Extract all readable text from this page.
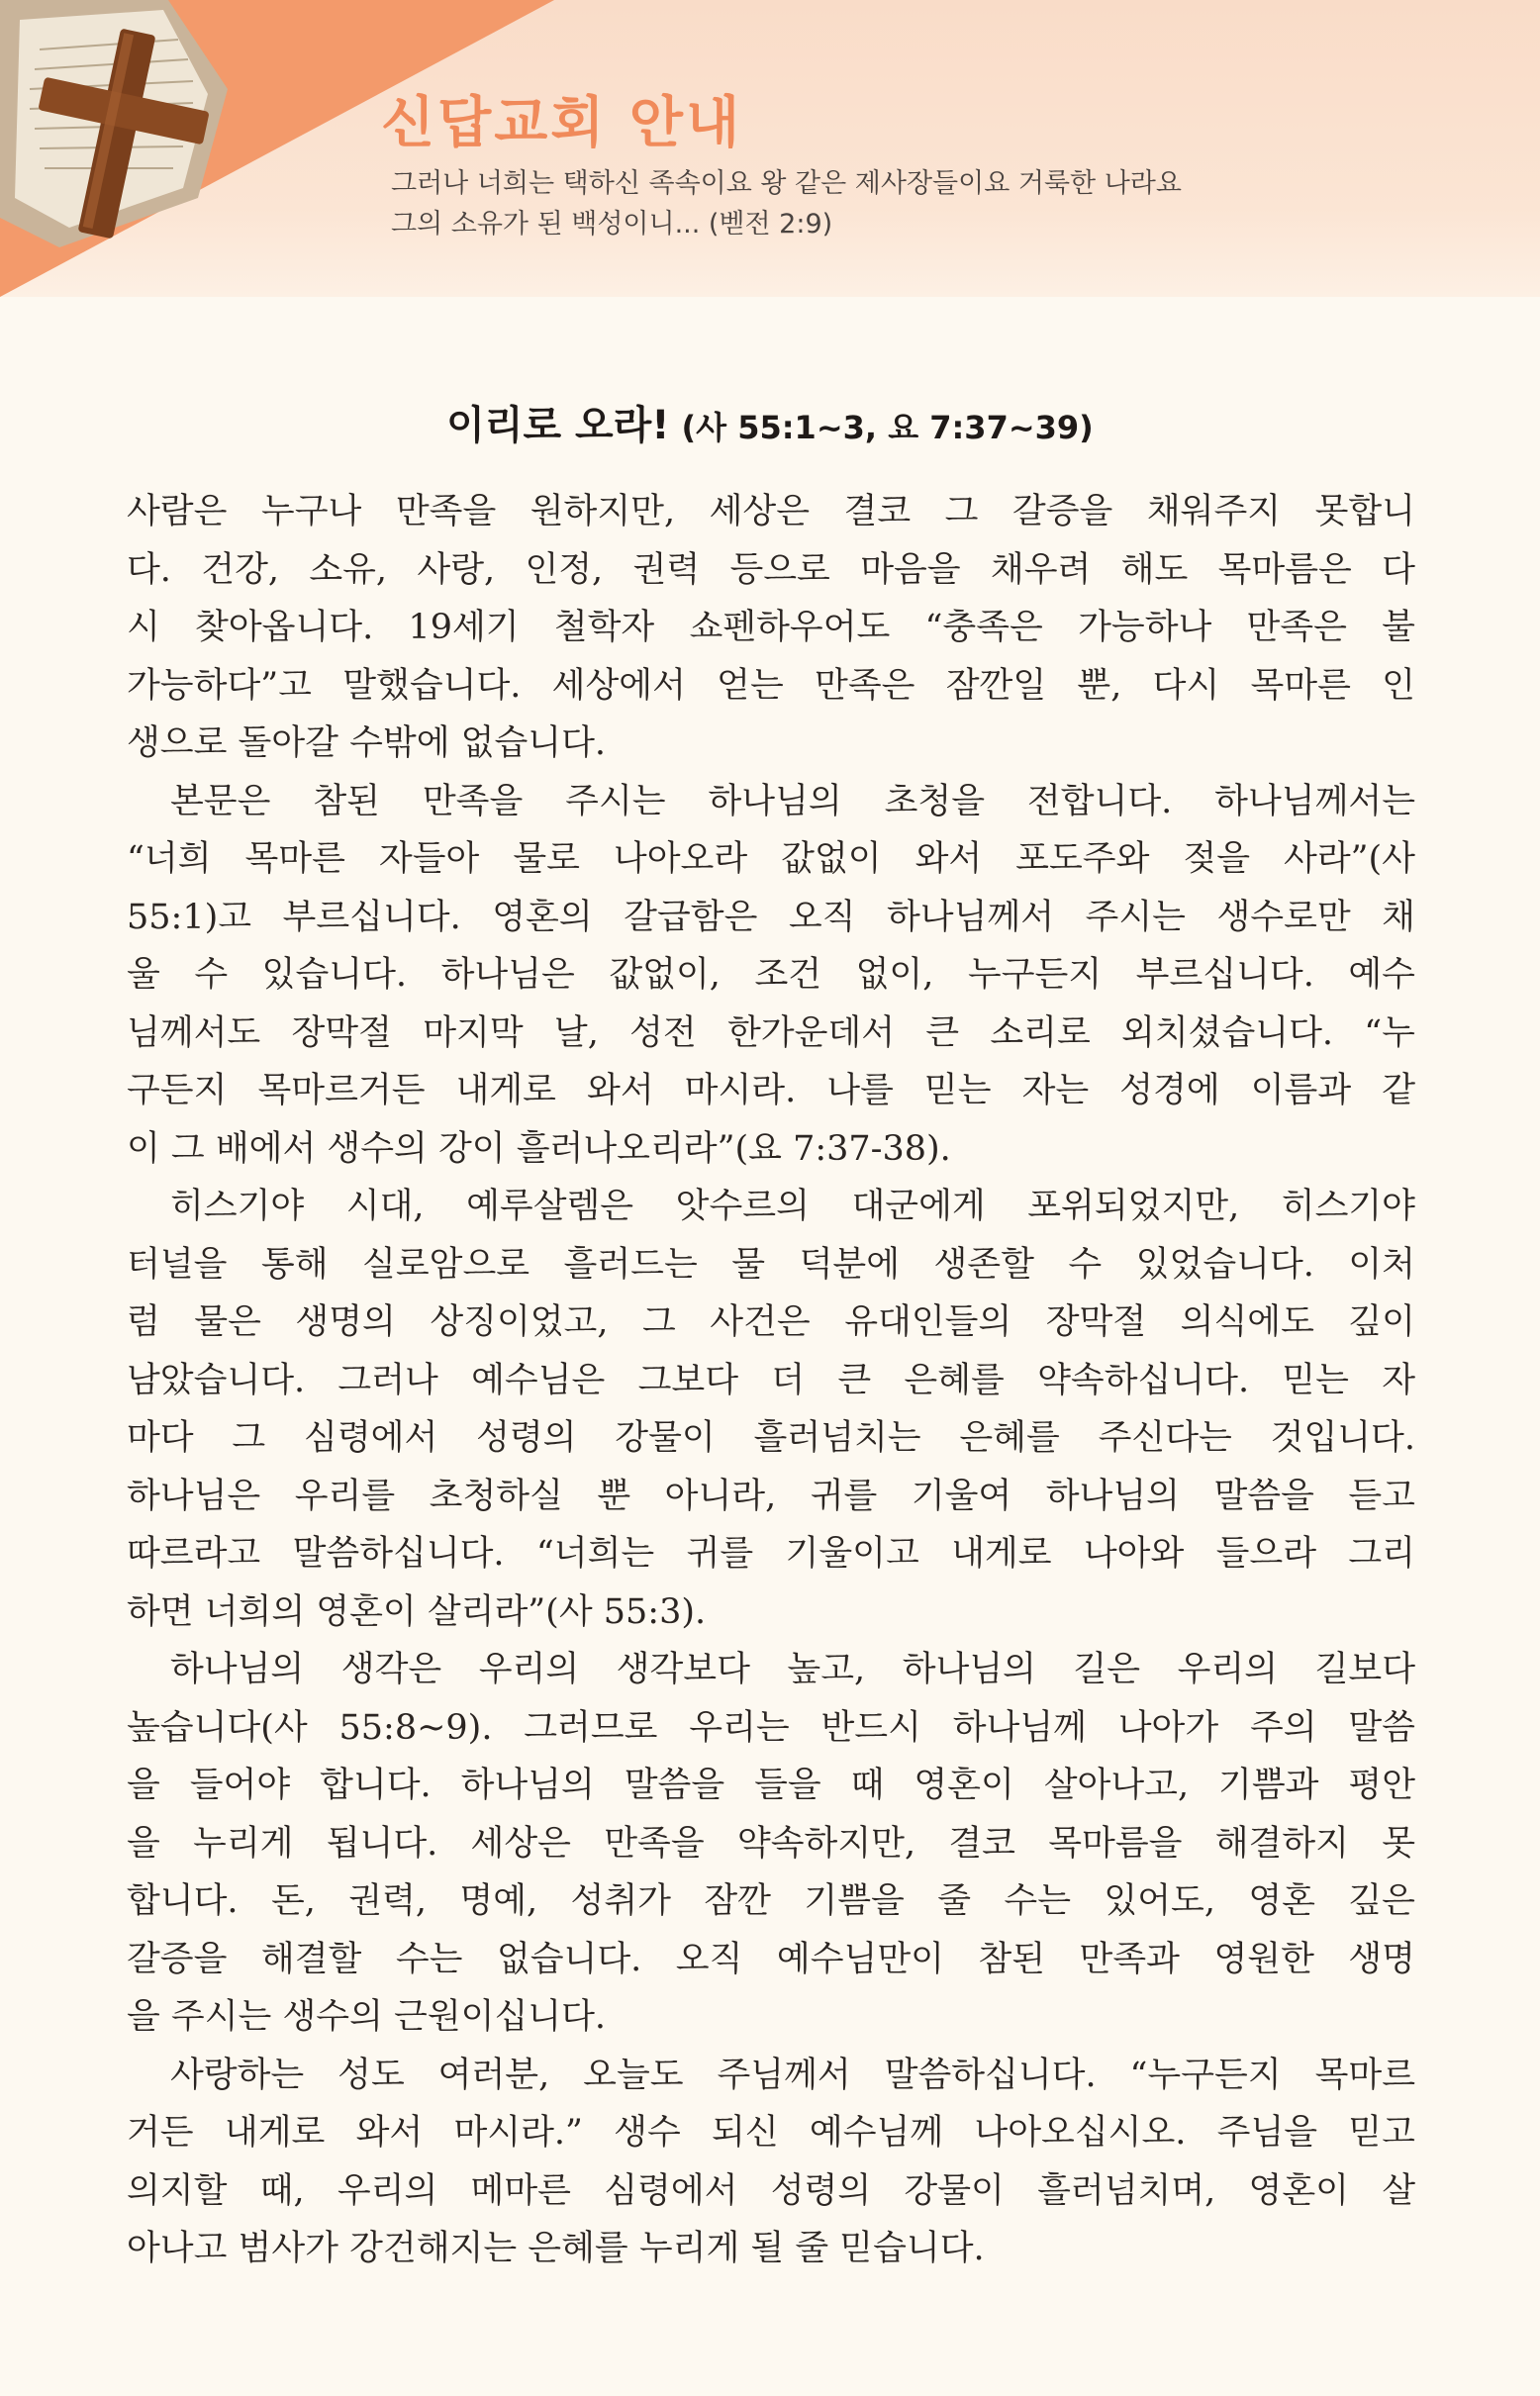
신답교회 안내
그러나 너희는 택하신 족속이요 왕 같은 제사장들이요 거룩한 나라요
그의 소유가 된 백성이니... (벧전 2:9)
이리로 오라! (사 55:1~3, 요 7:37~39)
사람은 누구나 만족을 원하지만, 세상은 결코 그 갈증을 채워주지 못합니
다. 건강, 소유, 사랑, 인정, 권력 등으로 마음을 채우려 해도 목마름은 다
시 찾아옵니다. 19세기 철학자 쇼펜하우어도 “충족은 가능하나 만족은 불
가능하다”고 말했습니다. 세상에서 얻는 만족은 잠깐일 뿐, 다시 목마른 인
생으로 돌아갈 수밖에 없습니다.
본문은 참된 만족을 주시는 하나님의 초청을 전합니다. 하나님께서는
“너희 목마른 자들아 물로 나아오라 값없이 와서 포도주와 젖을 사라”(사
55:1)고 부르십니다. 영혼의 갈급함은 오직 하나님께서 주시는 생수로만 채
울 수 있습니다. 하나님은 값없이, 조건 없이, 누구든지 부르십니다. 예수
님께서도 장막절 마지막 날, 성전 한가운데서 큰 소리로 외치셨습니다. “누
구든지 목마르거든 내게로 와서 마시라. 나를 믿는 자는 성경에 이름과 같
이 그 배에서 생수의 강이 흘러나오리라”(요 7:37-38).
히스기야 시대, 예루살렘은 앗수르의 대군에게 포위되었지만, 히스기야
터널을 통해 실로암으로 흘러드는 물 덕분에 생존할 수 있었습니다. 이처
럼 물은 생명의 상징이었고, 그 사건은 유대인들의 장막절 의식에도 깊이
남았습니다. 그러나 예수님은 그보다 더 큰 은혜를 약속하십니다. 믿는 자
마다 그 심령에서 성령의 강물이 흘러넘치는 은혜를 주신다는 것입니다.
하나님은 우리를 초청하실 뿐 아니라, 귀를 기울여 하나님의 말씀을 듣고
따르라고 말씀하십니다. “너희는 귀를 기울이고 내게로 나아와 들으라 그리
하면 너희의 영혼이 살리라”(사 55:3).
하나님의 생각은 우리의 생각보다 높고, 하나님의 길은 우리의 길보다
높습니다(사 55:8~9). 그러므로 우리는 반드시 하나님께 나아가 주의 말씀
을 들어야 합니다. 하나님의 말씀을 들을 때 영혼이 살아나고, 기쁨과 평안
을 누리게 됩니다. 세상은 만족을 약속하지만, 결코 목마름을 해결하지 못
합니다. 돈, 권력, 명예, 성취가 잠깐 기쁨을 줄 수는 있어도, 영혼 깊은
갈증을 해결할 수는 없습니다. 오직 예수님만이 참된 만족과 영원한 생명
을 주시는 생수의 근원이십니다.
사랑하는 성도 여러분, 오늘도 주님께서 말씀하십니다. “누구든지 목마르
거든 내게로 와서 마시라.” 생수 되신 예수님께 나아오십시오. 주님을 믿고
의지할 때, 우리의 메마른 심령에서 성령의 강물이 흘러넘치며, 영혼이 살
아나고 범사가 강건해지는 은혜를 누리게 될 줄 믿습니다.
